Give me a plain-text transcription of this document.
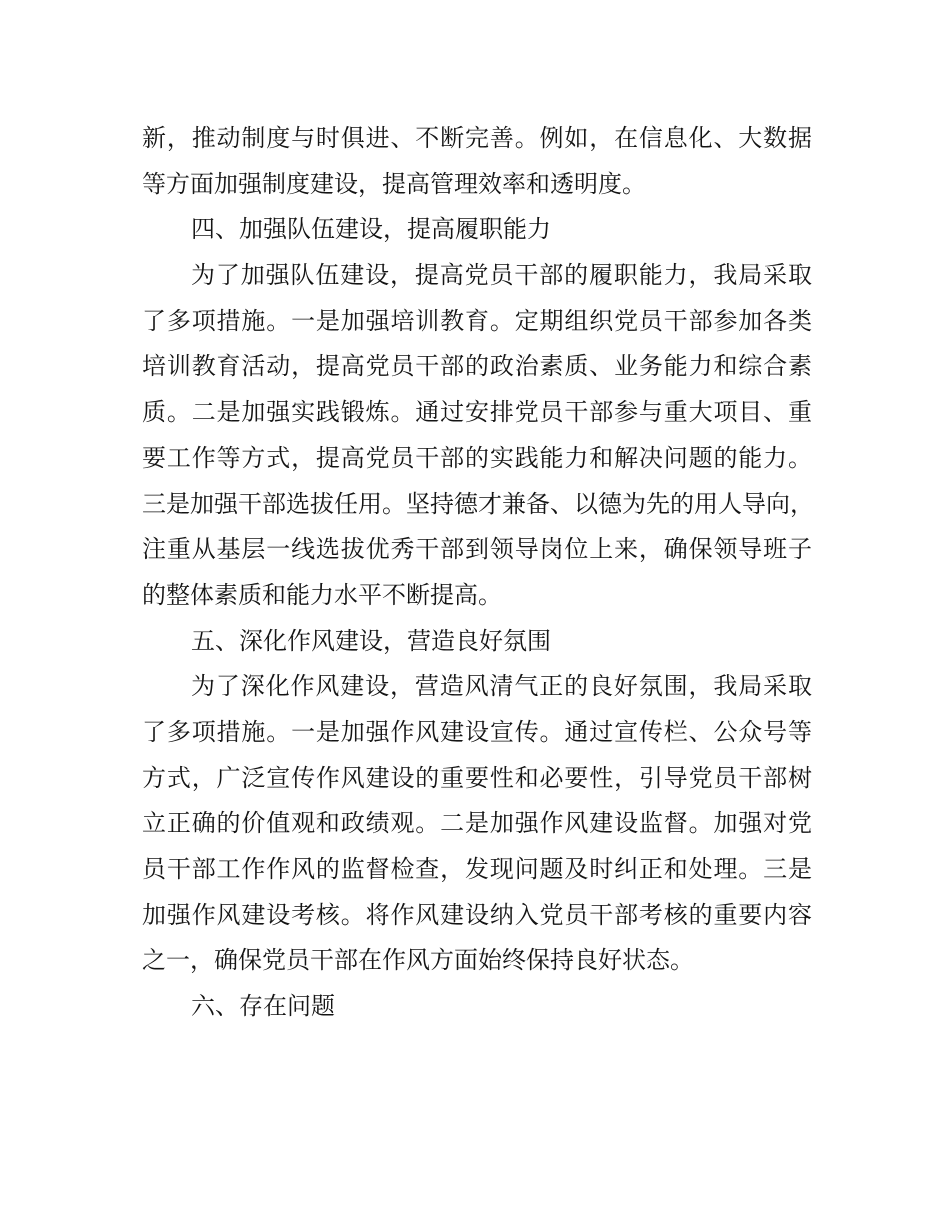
新，推动制度与时俱进、不断完善。例如，在信息化、大数据
等方面加强制度建设，提高管理效率和透明度。
四、加强队伍建设，提高履职能力
为了加强队伍建设，提高党员干部的履职能力，我局采取
了多项措施。一是加强培训教育。定期组织党员干部参加各类
培训教育活动，提高党员干部的政治素质、业务能力和综合素
质。二是加强实践锻炼。通过安排党员干部参与重大项目、重
要工作等方式，提高党员干部的实践能力和解决问题的能力。
三是加强干部选拔任用。坚持德才兼备、以德为先的用人导向，
注重从基层一线选拔优秀干部到领导岗位上来，确保领导班子
的整体素质和能力水平不断提高。
五、深化作风建设，营造良好氛围
为了深化作风建设，营造风清气正的良好氛围，我局采取
了多项措施。一是加强作风建设宣传。通过宣传栏、公众号等
方式，广泛宣传作风建设的重要性和必要性，引导党员干部树
立正确的价值观和政绩观。二是加强作风建设监督。加强对党
员干部工作作风的监督检查，发现问题及时纠正和处理。三是
加强作风建设考核。将作风建设纳入党员干部考核的重要内容
之一，确保党员干部在作风方面始终保持良好状态。
六、存在问题
